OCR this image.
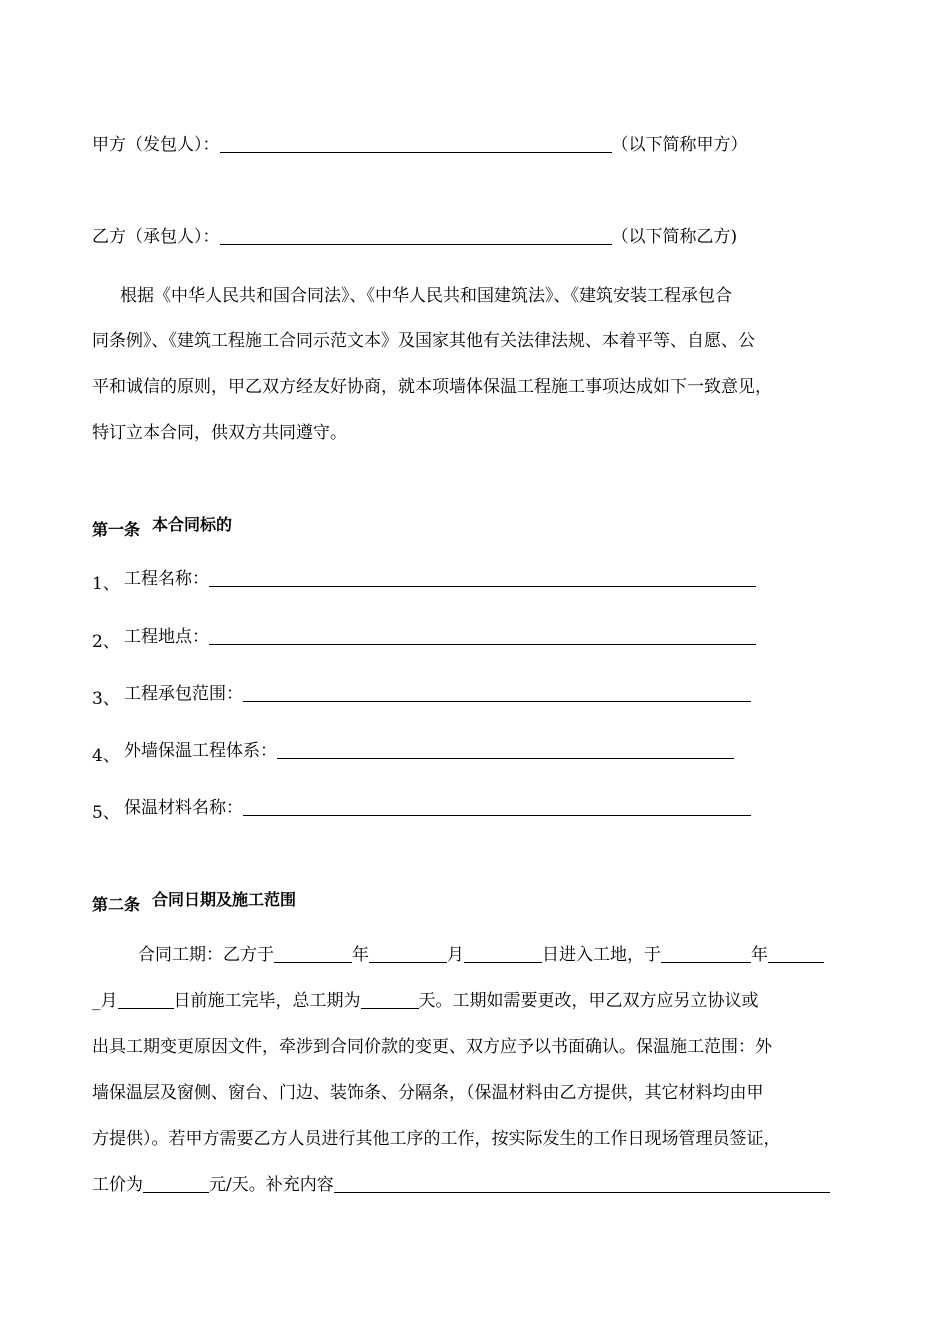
甲方（发包人）：	（以下简称甲方）
乙方（承包人）：	（以下简称乙方)
根据《中华人民共和国合同法》、《中华人民共和国建筑法》、《建筑安装工程承包合
同条例》、《建筑工程施工合同示范文本》及国家其他有关法律法规、本着平等、自愿、公
平和诚信的原则，甲乙双方经友好协商，就本项墙体保温工程施工事项达成如下一致意见，
特订立本合同，供双方共同遵守。
第一条 本合同标的
1、 工程名称：
2、 工程地点：
3、 工程承包范围：
4、 外墙保温工程体系：
5、 保温材料名称：
第二条 合同日期及施工范围
合同工期：乙方于	年	月	日进入工地，于	年
_月	日前施工完毕，总工期为	天。工期如需要更改，甲乙双方应另立协议或
出具工期变更原因文件，牵涉到合同价款的变更、双方应予以书面确认。保温施工范围：外
墙保温层及窗侧、窗台、门边、装饰条、分隔条，（保温材料由乙方提供，其它材料均由甲
方提供）。若甲方需要乙方人员进行其他工序的工作，按实际发生的工作日现场管理员签证，
工价为	元/天。补充内容
